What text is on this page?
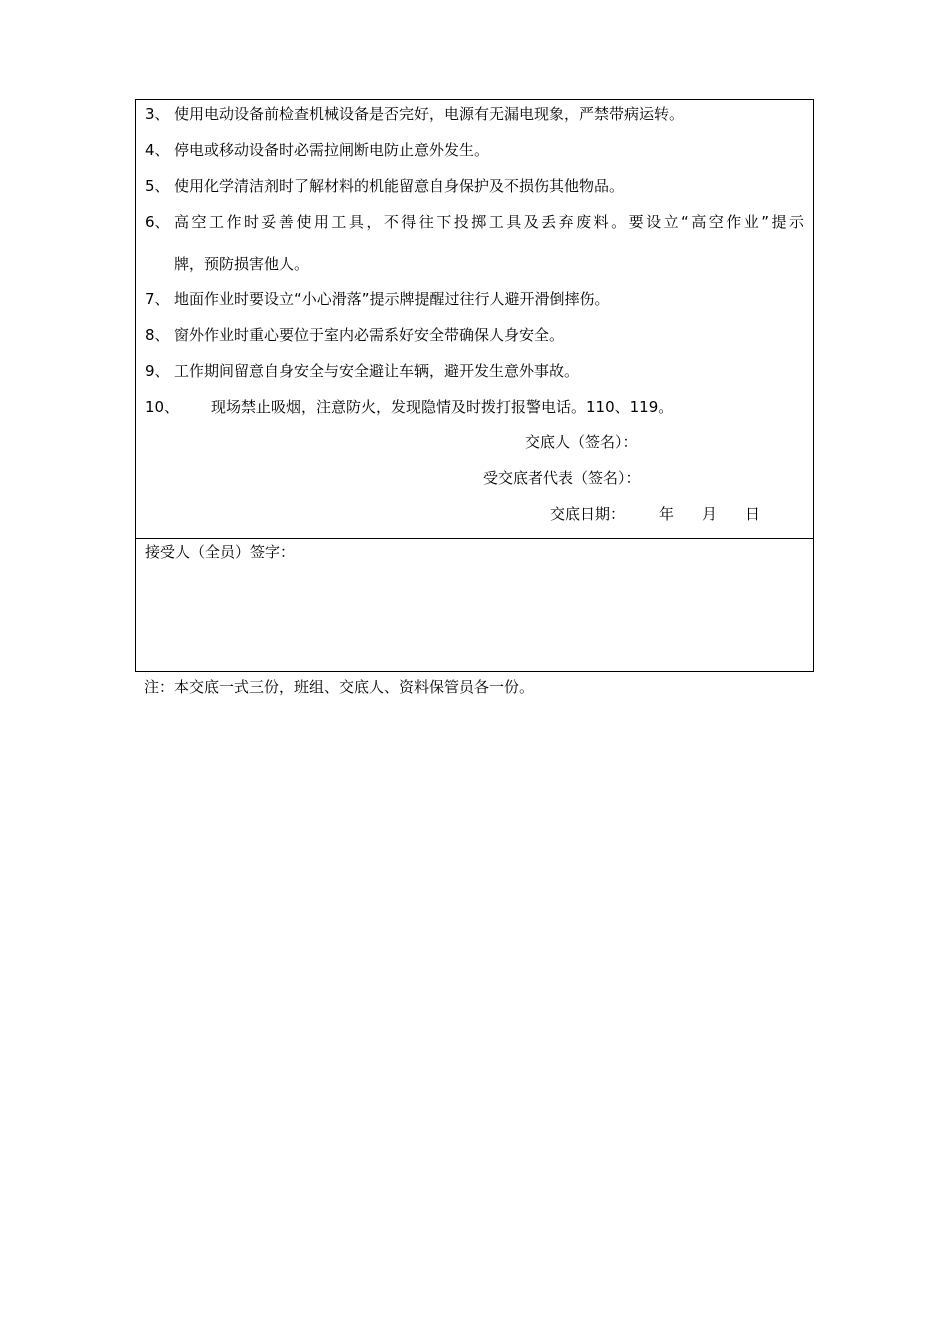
3、 使用电动设备前检查机械设备是否完好，电源有无漏电现象，严禁带病运转。
4、 停电或移动设备时必需拉闸断电防止意外发生。
5、 使用化学清洁剂时了解材料的机能留意自身保护及不损伤其他物品。
6、 高空工作时妥善使用工具，不得往下投掷工具及丢弃废料。要设立“高空作业”提示
牌，预防损害他人。
7、 地面作业时要设立“小心滑落”提示牌提醒过往行人避开滑倒摔伤。
8、 窗外作业时重心要位于室内必需系好安全带确保人身安全。
9、 工作期间留意自身安全与安全避让车辆，避开发生意外事故。
10、 现场禁止吸烟，注意防火，发现隐情及时拨打报警电话。110、119。
交底人（签名）：
受交底者代表（签名）：
交底日期： 年 月 日
接受人（全员）签字：
注：本交底一式三份，班组、交底人、资料保管员各一份。
